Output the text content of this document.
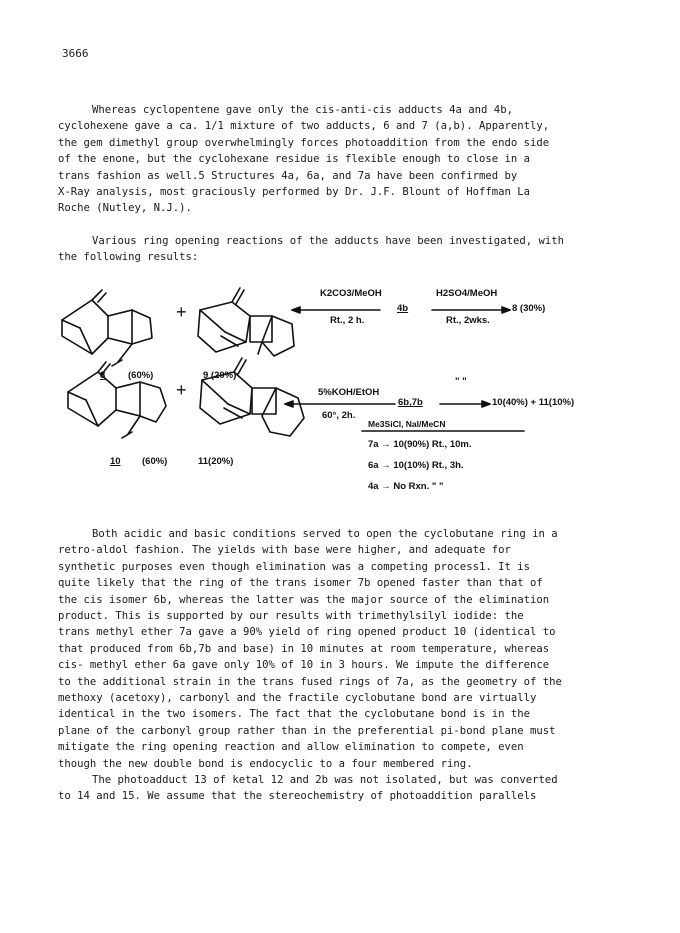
3666
Whereas cyclopentene gave only the cis-anti-cis adducts 4a and 4b,
cyclohexene gave a ca. 1/1 mixture of two adducts, 6 and 7 (a,b). Apparently,
the gem dimethyl group overwhelmingly forces photoaddition from the endo side
of the enone, but the cyclohexane residue is flexible enough to close in a
trans fashion as well.5 Structures 4a, 6a, and 7a have been confirmed by
X-Ray analysis, most graciously performed by Dr. J.F. Blount of Hoffman La
Roche (Nutley, N.J.).
Various ring opening reactions of the adducts have been investigated, with
the following results:
+
+
K2CO3/MeOH
Rt., 2 h.
4b
H2SO4/MeOH
Rt., 2wks.
8 (30%)
8 (60%)	9 (20%)
" "
5%KOH/EtOH
60°, 2h.
6b,7b	10(40%) + 11(10%)
Me3SiCl, NaI/MeCN
7a → 10(90%) Rt., 10m.
6a → 10(10%) Rt., 3h.
4a → No Rxn. " "
10 (60%)	11(20%)
Both acidic and basic conditions served to open the cyclobutane ring in a
retro-aldol fashion. The yields with base were higher, and adequate for
synthetic purposes even though elimination was a competing process1. It is
quite likely that the ring of the trans isomer 7b opened faster than that of
the cis isomer 6b, whereas the latter was the major source of the elimination
product. This is supported by our results with trimethylsilyl iodide: the
trans methyl ether 7a gave a 90% yield of ring opened product 10 (identical to
that produced from 6b,7b and base) in 10 minutes at room temperature, whereas
cis- methyl ether 6a gave only 10% of 10 in 3 hours. We impute the difference
to the additional strain in the trans fused rings of 7a, as the geometry of the
methoxy (acetoxy), carbonyl and the fractile cyclobutane bond are virtually
identical in the two isomers. The fact that the cyclobutane bond is in the
plane of the carbonyl group rather than in the preferential pi-bond plane must
mitigate the ring opening reaction and allow elimination to compete, even
though the new double bond is endocyclic to a four membered ring.
The photoadduct 13 of ketal 12 and 2b was not isolated, but was converted
to 14 and 15. We assume that the stereochemistry of photoaddition parallels
